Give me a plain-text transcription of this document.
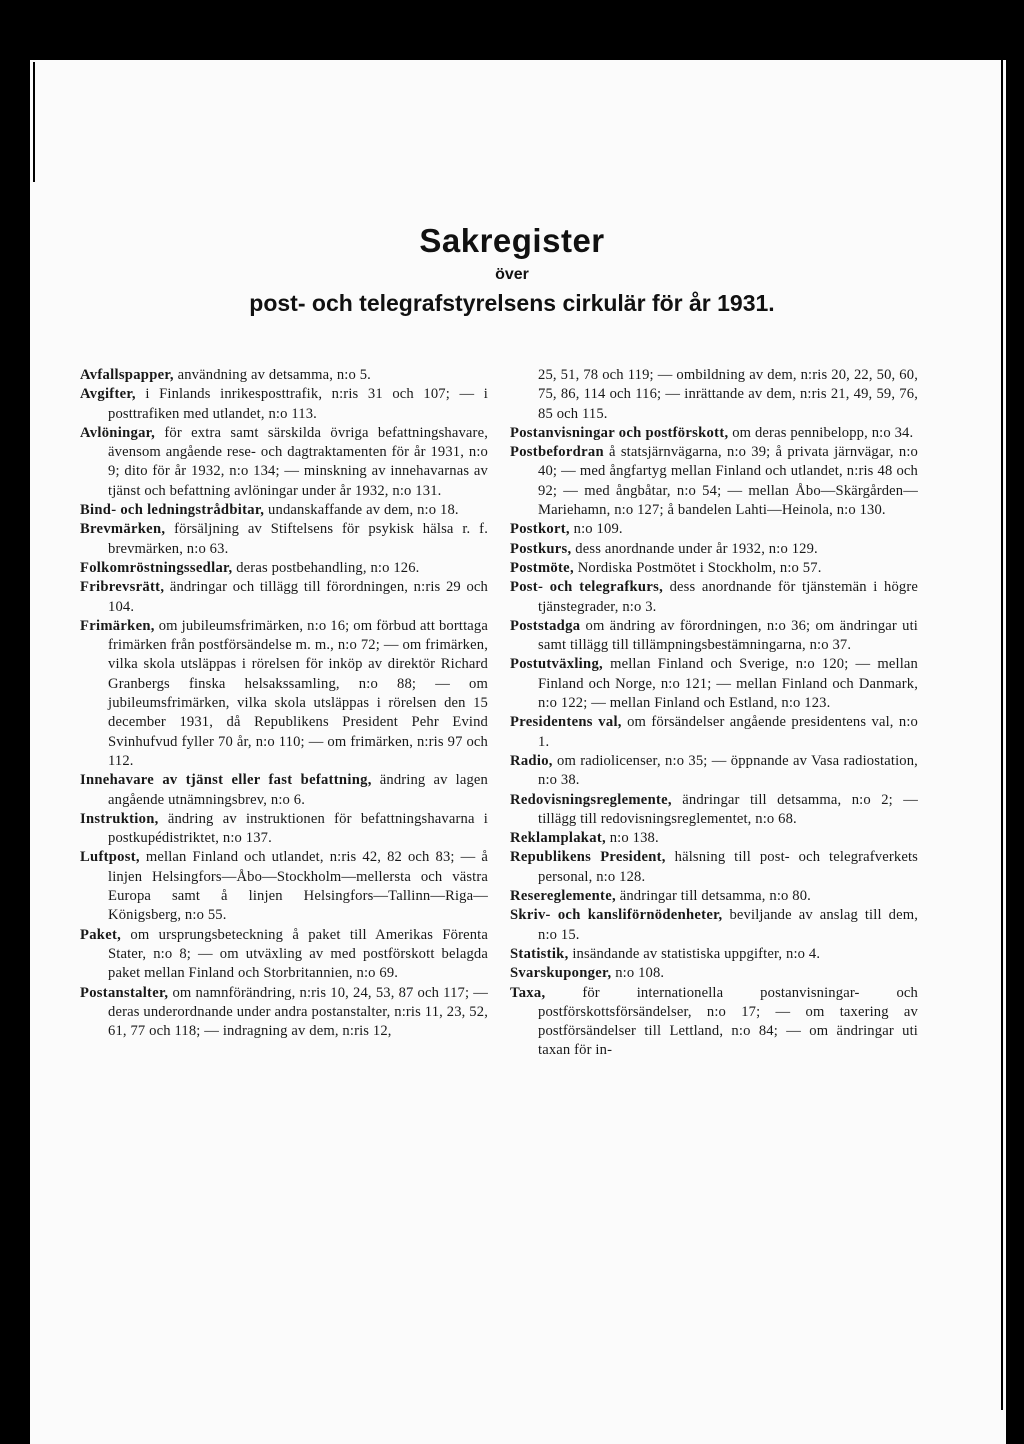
Sakregister
över
post- och telegrafstyrelsens cirkulär för år 1931.

Avfallspapper, användning av detsamma, n:o 5.

Avgifter, i Finlands inrikesposttrafik, n:ris 31 och 107; — i posttrafiken med utlandet, n:o 113.

Avlöningar, för extra samt särskilda övriga befattningshavare, ävensom angående rese- och dagtraktamenten för år 1931, n:o 9; dito för år 1932, n:o 134; — minskning av innehavarnas av tjänst och befattning avlöningar under år 1932, n:o 131.

Bind- och ledningstrådbitar, undanskaffande av dem, n:o 18.

Brevmärken, försäljning av Stiftelsens för psykisk hälsa r. f. brevmärken, n:o 63.

Folkomröstningssedlar, deras postbehandling, n:o 126.

Fribrevsrätt, ändringar och tillägg till förordningen, n:ris 29 och 104.

Frimärken, om jubileumsfrimärken, n:o 16; om förbud att borttaga frimärken från postförsändelse m. m., n:o 72; — om frimärken, vilka skola utsläppas i rörelsen för inköp av direktör Richard Granbergs finska helsakssamling, n:o 88; — om jubileumsfrimärken, vilka skola utsläppas i rörelsen den 15 december 1931, då Republikens President Pehr Evind Svinhufvud fyller 70 år, n:o 110; — om frimärken, n:ris 97 och 112.

Innehavare av tjänst eller fast befattning, ändring av lagen angående utnämningsbrev, n:o 6.

Instruktion, ändring av instruktionen för befattningshavarna i postkupédistriktet, n:o 137.

Luftpost, mellan Finland och utlandet, n:ris 42, 82 och 83; — å linjen Helsingfors—Åbo—Stockholm—mellersta och västra Europa samt å linjen Helsingfors—Tallinn—Riga—Königsberg, n:o 55.

Paket, om ursprungsbeteckning å paket till Amerikas Förenta Stater, n:o 8; — om utväxling av med postförskott belagda paket mellan Finland och Storbritannien, n:o 69.

Postanstalter, om namnförändring, n:ris 10, 24, 53, 87 och 117; — deras underordnande under andra postanstalter, n:ris 11, 23, 52, 61, 77 och 118; — indragning av dem, n:ris 12,

25, 51, 78 och 119; — ombildning av dem, n:ris 20, 22, 50, 60, 75, 86, 114 och 116; — inrättande av dem, n:ris 21, 49, 59, 76, 85 och 115.

Postanvisningar och postförskott, om deras pennibelopp, n:o 34.

Postbefordran å statsjärnvägarna, n:o 39; å privata järnvägar, n:o 40; — med ångfartyg mellan Finland och utlandet, n:ris 48 och 92; — med ångbåtar, n:o 54; — mellan Åbo—Skärgården—Mariehamn, n:o 127; å bandelen Lahti—Heinola, n:o 130.

Postkort, n:o 109.

Postkurs, dess anordnande under år 1932, n:o 129.

Postmöte, Nordiska Postmötet i Stockholm, n:o 57.

Post- och telegrafkurs, dess anordnande för tjänstemän i högre tjänstegrader, n:o 3.

Poststadga om ändring av förordningen, n:o 36; om ändringar uti samt tillägg till tillämpningsbestämningarna, n:o 37.

Postutväxling, mellan Finland och Sverige, n:o 120; — mellan Finland och Norge, n:o 121; — mellan Finland och Danmark, n:o 122; — mellan Finland och Estland, n:o 123.

Presidentens val, om försändelser angående presidentens val, n:o 1.

Radio, om radiolicenser, n:o 35; — öppnande av Vasa radiostation, n:o 38.

Redovisningsreglemente, ändringar till detsamma, n:o 2; — tillägg till redovisningsreglementet, n:o 68.

Reklamplakat, n:o 138.

Republikens President, hälsning till post- och telegrafverkets personal, n:o 128.

Resereglemente, ändringar till detsamma, n:o 80.

Skriv- och kansliförnödenheter, beviljande av anslag till dem, n:o 15.

Statistik, insändande av statistiska uppgifter, n:o 4.

Svarskuponger, n:o 108.

Taxa, för internationella postanvisningar- och postförskottsförsändelser, n:o 17; — om taxering av postförsändelser till Lettland, n:o 84; — om ändringar uti taxan för in-
